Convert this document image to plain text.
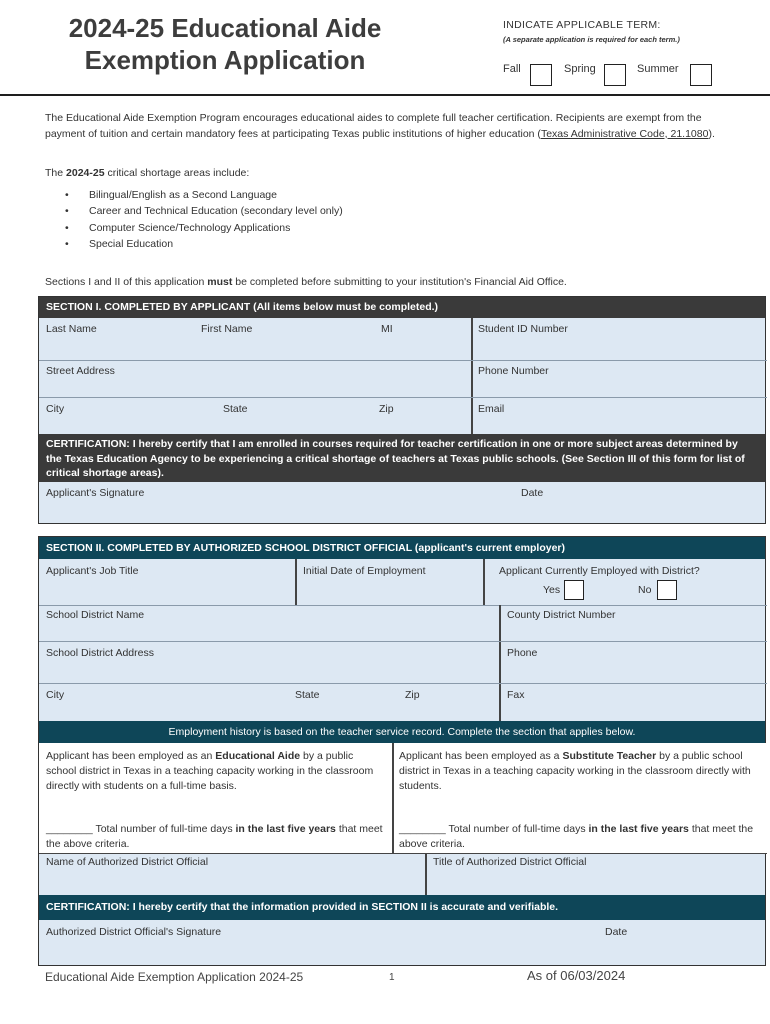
2024-25 Educational Aide
Exemption Application
INDICATE APPLICABLE TERM:
(A separate application is required for each term.)
Fall	Spring	Summer
The Educational Aide Exemption Program encourages educational aides to complete full teacher certification. Recipients are exempt from the payment of tuition and certain mandatory fees at participating Texas public institutions of higher education (Texas Administrative Code, 21.1080).
The 2024-25 critical shortage areas include:
• Bilingual/English as a Second Language
• Career and Technical Education (secondary level only)
• Computer Science/Technology Applications
• Special Education
Sections I and II of this application must be completed before submitting to your institution's Financial Aid Office.
SECTION I. COMPLETED BY APPLICANT (All items below must be completed.)
Last Name	First Name	MI	Student ID Number
Street Address	Phone Number
City	State	Zip	Email
CERTIFICATION: I hereby certify that I am enrolled in courses required for teacher certification in one or more subject areas determined by the Texas Education Agency to be experiencing a critical shortage of teachers at Texas public schools. (See Section III of this form for list of critical shortage areas).
Applicant's Signature	Date
SECTION II. COMPLETED BY AUTHORIZED SCHOOL DISTRICT OFFICIAL (applicant's current employer)
Applicant's Job Title	Initial Date of Employment	Applicant Currently Employed with District?
Yes	No
School District Name	County District Number
School District Address	Phone
City	State	Zip	Fax
Employment history is based on the teacher service record. Complete the section that applies below.
Applicant has been employed as an Educational Aide by a public school district in Texas in a teaching capacity working in the classroom directly with students on a full-time basis.
Applicant has been employed as a Substitute Teacher by a public school district in Texas in a teaching capacity working in the classroom directly with students.
________ Total number of full-time days in the last five years that meet the above criteria.
________ Total number of full-time days in the last five years that meet the above criteria.
Name of Authorized District Official	Title of Authorized District Official
CERTIFICATION: I hereby certify that the information provided in SECTION II is accurate and verifiable.
Authorized District Official's Signature	Date
Educational Aide Exemption Application 2024-25	1	As of 06/03/2024
